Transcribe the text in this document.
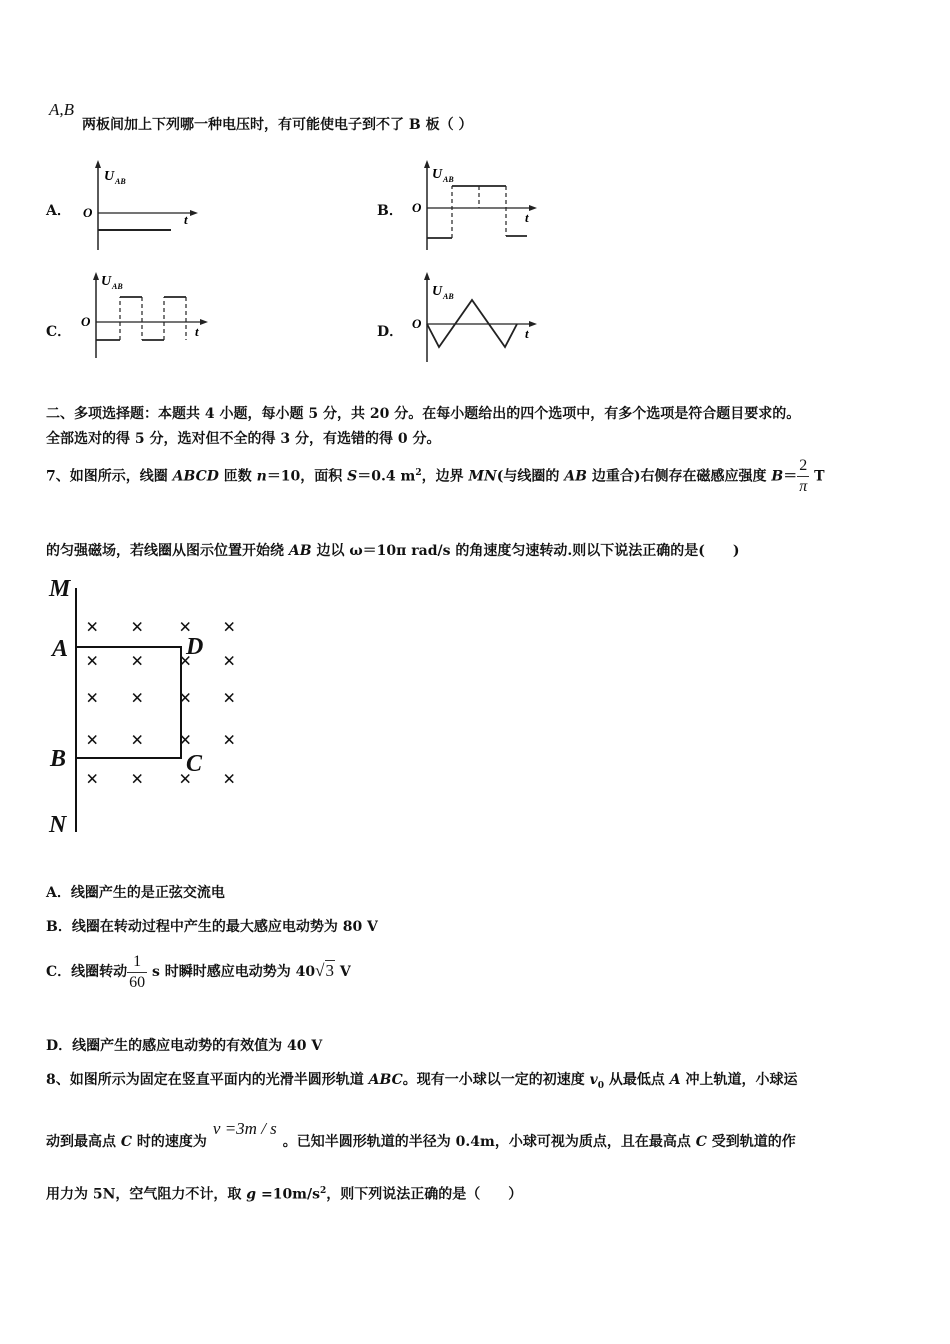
A,B
两板间加上下列哪一种电压时，有可能使电子到不了 B 板（ ）
A．	B．
C．	D．
U AB
O	t
U AB
O
t
U AB
O
t
U AB
O
t
二、多项选择题：本题共 4 小题，每小题 5 分，共 20 分。在每小题给出的四个选项中，有多个选项是符合题目要求的。
全部选对的得 5 分，选对但不全的得 3 分，有选错的得 0 分。
7、如图所示，线圈 ABCD 匝数 n＝10，面积 S＝0.4 $m^2$，边界 MN(与线圈的 AB 边重合)右侧存在磁感应强度 $B= \frac{2}{\pi}$ T
的匀强磁场，若线圈从图示位置开始绕 AB 边以 ω＝10π rad/s 的角速度匀速转动.则以下说法正确的是(　　)
M
A
B
N
D
C
× × × ×
× × × ×
× × × ×
× × × ×
× × × ×
A．线圈产生的是正弦交流电
B．线圈在转动过程中产生的最大感应电动势为 80 V
C．线圈转动 $\frac{1}{60}$ s 时瞬时感应电动势为 40√3 V
D．线圈产生的感应电动势的有效值为 40 V
8、如图所示为固定在竖直平面内的光滑半圆形轨道 ABC。现有一小球以一定的初速度 $v_0$ 从最低点 A 冲上轨道，小球运
动到最高点 C 时的速度为v =3m / s。已知半圆形轨道的半径为 0.4m，小球可视为质点，且在最高点 C 受到轨道的作
用力为 5N，空气阻力不计，取 $g =10m/s^2$，则下列说法正确的是（　　）
